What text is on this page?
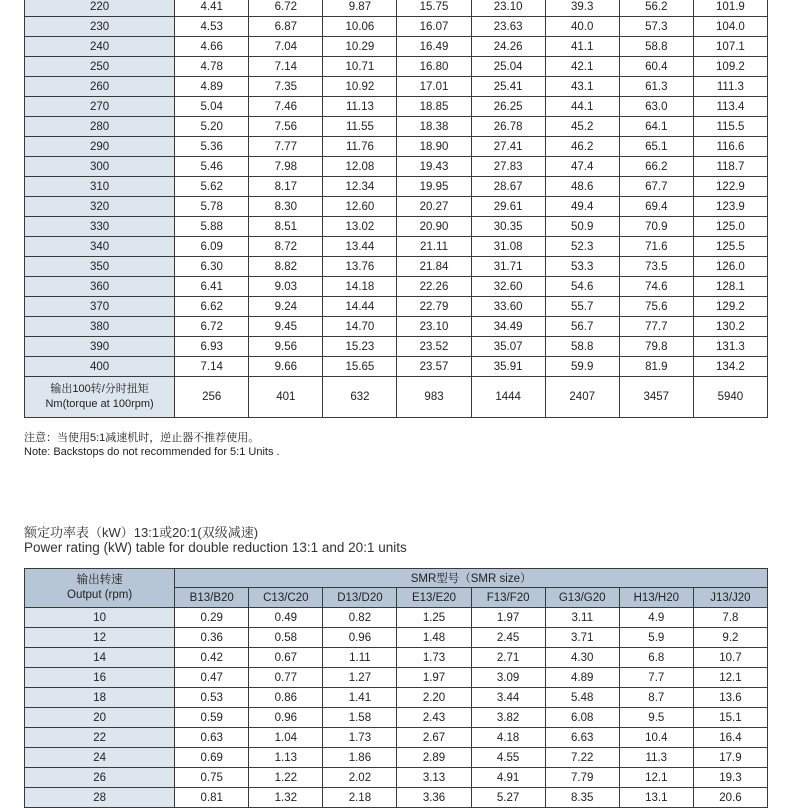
220	4.41	6.72	9.87	15.75	23.10	39.3	56.2	101.9
230	4.53	6.87	10.06	16.07	23.63	40.0	57.3	104.0
240	4.66	7.04	10.29	16.49	24.26	41.1	58.8	107.1
250	4.78	7.14	10.71	16.80	25.04	42.1	60.4	109.2
260	4.89	7.35	10.92	17.01	25.41	43.1	61.3	111.3
270	5.04	7.46	11.13	18.85	26.25	44.1	63.0	113.4
280	5.20	7.56	11.55	18.38	26.78	45.2	64.1	115.5
290	5.36	7.77	11.76	18.90	27.41	46.2	65.1	116.6
300	5.46	7.98	12.08	19.43	27.83	47.4	66.2	118.7
310	5.62	8.17	12.34	19.95	28.67	48.6	67.7	122.9
320	5.78	8.30	12.60	20.27	29.61	49.4	69.4	123.9
330	5.88	8.51	13.02	20.90	30.35	50.9	70.9	125.0
340	6.09	8.72	13.44	21.11	31.08	52.3	71.6	125.5
350	6.30	8.82	13.76	21.84	31.71	53.3	73.5	126.0
360	6.41	9.03	14.18	22.26	32.60	54.6	74.6	128.1
370	6.62	9.24	14.44	22.79	33.60	55.7	75.6	129.2
380	6.72	9.45	14.70	23.10	34.49	56.7	77.7	130.2
390	6.93	9.56	15.23	23.52	35.07	58.8	79.8	131.3
400	7.14	9.66	15.65	23.57	35.91	59.9	81.9	134.2
输出100转/分时扭矩
Nm(torque at 100rpm)	256	401	632	983	1444	2407	3457	5940
注意：当使用5:1减速机时，逆止器不推荐使用。
Note: Backstops do not recommended for 5:1 Units .
额定功率表（kW）13:1或20:1(双级减速)
Power rating (kW) table for double reduction 13:1 and 20:1 units
输出转速
Output (rpm)	SMR型号（SMR size）							
	B13/B20	C13/C20	D13/D20	E13/E20	F13/F20	G13/G20	H13/H20	J13/J20
10	0.29	0.49	0.82	1.25	1.97	3.11	4.9	7.8
12	0.36	0.58	0.96	1.48	2.45	3.71	5.9	9.2
14	0.42	0.67	1.11	1.73	2.71	4.30	6.8	10.7
16	0.47	0.77	1.27	1.97	3.09	4.89	7.7	12.1
18	0.53	0.86	1.41	2.20	3.44	5.48	8.7	13.6
20	0.59	0.96	1.58	2.43	3.82	6.08	9.5	15.1
22	0.63	1.04	1.73	2.67	4.18	6.63	10.4	16.4
24	0.69	1.13	1.86	2.89	4.55	7.22	11.3	17.9
26	0.75	1.22	2.02	3.13	4.91	7.79	12.1	19.3
28	0.81	1.32	2.18	3.36	5.27	8.35	13.1	20.6
